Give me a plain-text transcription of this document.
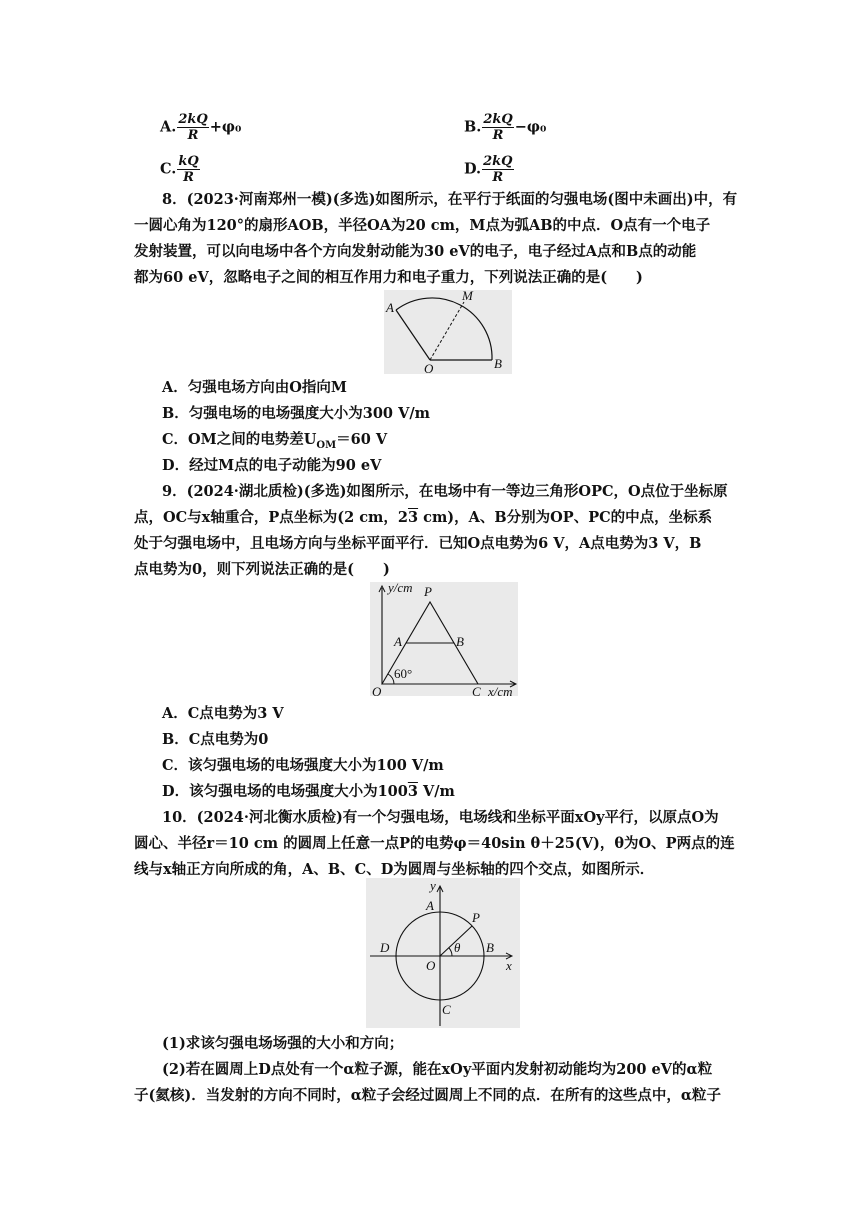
A. $\frac{2kQ}{R} +\varphi_0$	B. $\frac{2kQ}{R} -\varphi_0$
C. $\frac{kQ}{R}$	D. $\frac{2kQ}{R}$
8．(2023·河南郑州一模)(多选)如图所示，在平行于纸面的匀强电场(图中未画出)中，有
一圆心角为120°的扇形AOB，半径OA为20 cm，M点为弧AB的中点．O点有一个电子
发射装置，可以向电场中各个方向发射动能为30 eV的电子，电子经过A点和B点的动能
都为60 eV，忽略电子之间的相互作用力和电子重力，下列说法正确的是(　　)
A
M
O	B
A．匀强电场方向由O指向M
B．匀强电场的电场强度大小为300 V/m
C．OM之间的电势差$U_{OM}=60$ V
D．经过M点的电子动能为90 eV
9．(2024·湖北质检)(多选)如图所示，在电场中有一等边三角形OPC，O点位于坐标原
点，OC与x轴重合，P点坐标为(2 cm，23 cm)，A、B分别为OP、PC的中点，坐标系
处于匀强电场中，且电场方向与坐标平面平行．已知O点电势为6 V，A点电势为3 V，B
点电势为0，则下列说法正确的是(　　)
y/cm P
A	B
60°
O	C x/cm
A．C点电势为3 V
B．C点电势为0
C．该匀强电场的电场强度大小为100 V/m
D．该匀强电场的电场强度大小为1003 V/m
10．(2024·河北衡水质检)有一个匀强电场，电场线和坐标平面xOy平行，以原点O为
圆心、半径r＝10 cm 的圆周上任意一点P的电势φ＝40sin θ＋25(V)，θ为O、P两点的连
线与x轴正方向所成的角，A、B、C、D为圆周与坐标轴的四个交点，如图所示．
y
A
P
θ
D	B
O	x
C
(1)求该匀强电场场强的大小和方向；
(2)若在圆周上D点处有一个α粒子源，能在xOy平面内发射初动能均为200 eV的α粒
子(氦核)．当发射的方向不同时，α粒子会经过圆周上不同的点．在所有的这些点中，α粒子
